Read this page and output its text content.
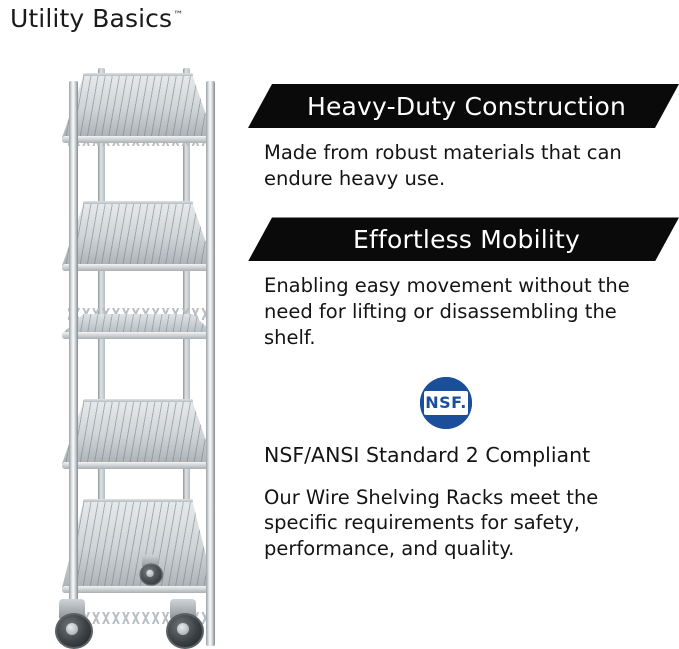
Utility Basics™
Heavy-Duty Construction

Made from robust materials that can endure heavy use.

Effortless Mobility

Enabling easy movement without the need for lifting or disassembling the shelf.

NSF.
NSF/ANSI Standard 2 Compliant

Our Wire Shelving Racks meet the specific requirements for safety, performance, and quality.
